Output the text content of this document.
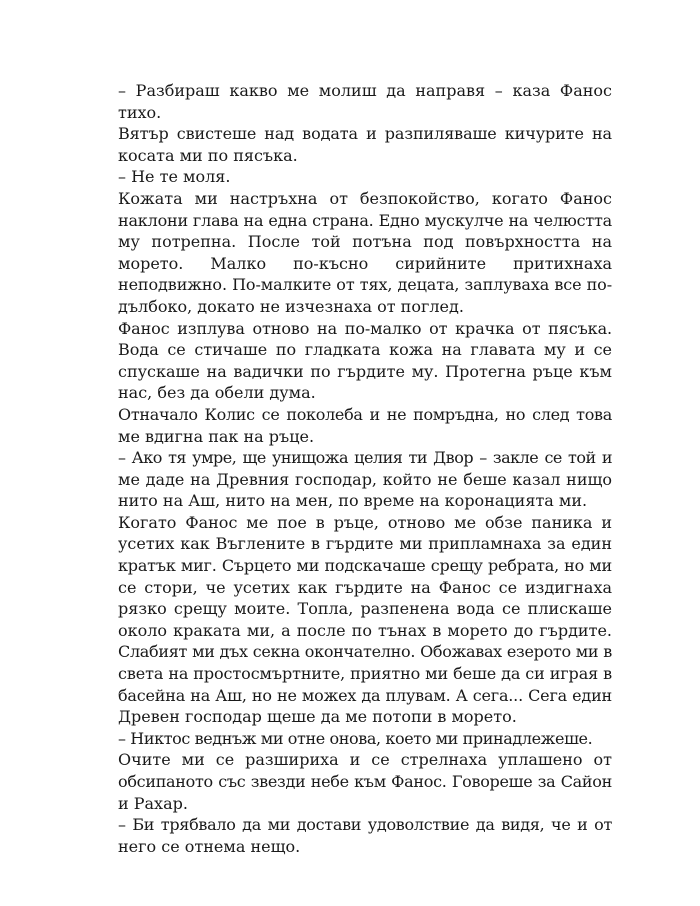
– Разбираш какво ме молиш да направя – каза Фанос
тихо.
Вятър свистеше над водата и разпиляваше кичурите на
косата ми по пясъка.
– Не те моля.
Кожата ми настръхна от безпокойство, когато Фанос
наклони глава на една страна. Едно мускулче на челюстта
му потрепна. После той потъна под повърхността на
морето. Малко по-късно сирийните притихнаха
неподвижно. По-малките от тях, децата, заплуваха все по-
дълбоко, докато не изчезнаха от поглед.
Фанос изплува отново на по-малко от крачка от пясъка.
Вода се стичаше по гладката кожа на главата му и се
спускаше на вадички по гърдите му. Протегна ръце към
нас, без да обели дума.
Отначало Колис се поколеба и не помръдна, но след това
ме вдигна пак на ръце.
– Ако тя умре, ще унищожа целия ти Двор – закле се той и
ме даде на Древния господар, който не беше казал нищо
нито на Аш, нито на мен, по време на коронацията ми.
Когато Фанос ме пое в ръце, отново ме обзе паника и
усетих как Въглените в гърдите ми припламнаха за един
кратък миг. Сърцето ми подскачаше срещу ребрата, но ми
се стори, че усетих как гърдите на Фанос се издигнаха
рязко срещу моите. Топла, разпенена вода се плискаше
около краката ми, а после по тънах в морето до гърдите.
Слабият ми дъх секна окончателно. Обожавах езерото ми в
света на простосмъртните, приятно ми беше да си играя в
басейна на Аш, но не можех да плувам. А сега... Сега един
Древен господар щеше да ме потопи в морето.
– Никтос веднъж ми отне онова, което ми принадлежеше.
Очите ми се разшириха и се стрелнаха уплашено от
обсипаното със звезди небе към Фанос. Говореше за Сайон
и Рахар.
– Би трябвало да ми достави удоволствие да видя, че и от
него се отнема нещо.
